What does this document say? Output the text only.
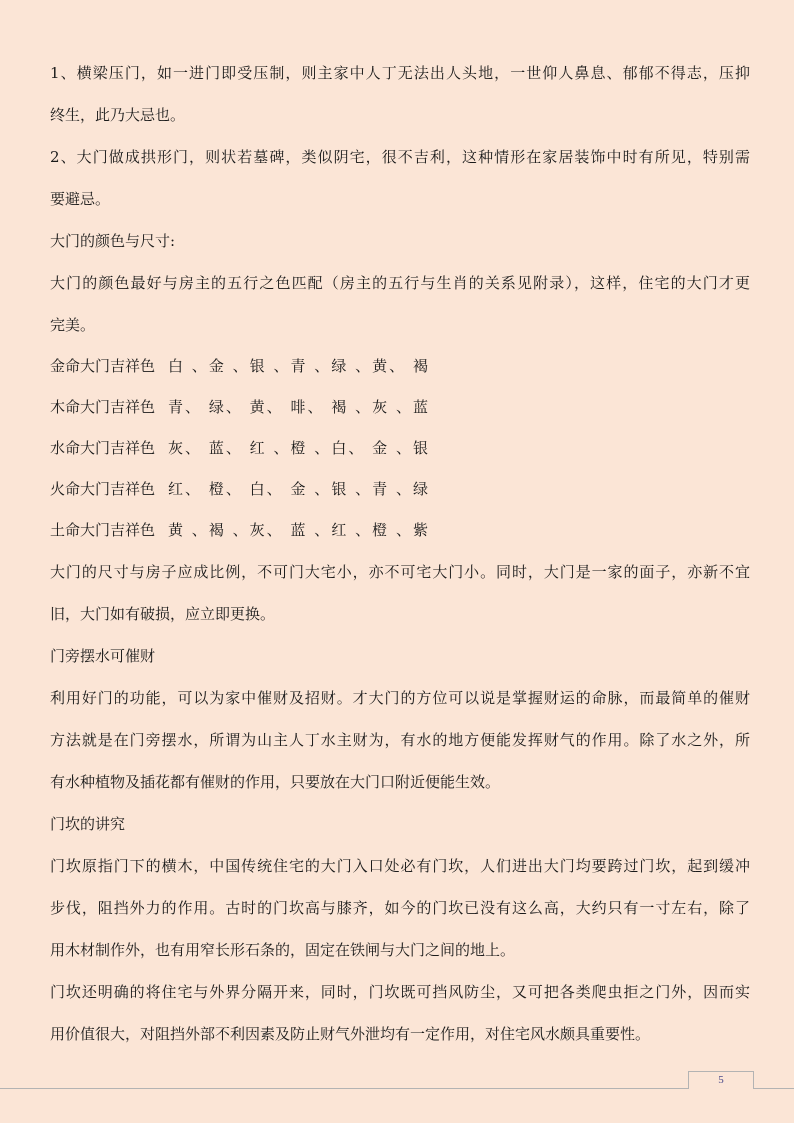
1、横梁压门，如一进门即受压制，则主家中人丁无法出人头地，一世仰人鼻息、郁郁不得志，压抑
终生，此乃大忌也。
2、大门做成拱形门，则状若墓碑，类似阴宅，很不吉利，这种情形在家居装饰中时有所见，特别需
要避忌。
大门的颜色与尺寸:
大门的颜色最好与房主的五行之色匹配（房主的五行与生肖的关系见附录），这样，住宅的大门才更
完美。
金命大门吉祥色 白 、金 、银 、青 、绿 、黄、 褐
木命大门吉祥色 青、 绿、 黄、 啡、 褐 、灰 、蓝
水命大门吉祥色 灰、 蓝、 红 、橙 、白、 金 、银
火命大门吉祥色 红、 橙、 白、 金 、银 、青 、绿
土命大门吉祥色 黄 、褐 、灰、 蓝 、红 、橙 、紫
大门的尺寸与房子应成比例，不可门大宅小，亦不可宅大门小。同时，大门是一家的面子，亦新不宜
旧，大门如有破损，应立即更换。
门旁摆水可催财
利用好门的功能，可以为家中催财及招财。才大门的方位可以说是掌握财运的命脉，而最简单的催财
方法就是在门旁摆水，所谓为山主人丁水主财为，有水的地方便能发挥财气的作用。除了水之外，所
有水种植物及插花都有催财的作用，只要放在大门口附近便能生效。
门坎的讲究
门坎原指门下的横木，中国传统住宅的大门入口处必有门坎，人们进出大门均要跨过门坎，起到缓冲
步伐，阻挡外力的作用。古时的门坎高与膝齐，如今的门坎已没有这么高，大约只有一寸左右，除了
用木材制作外，也有用窄长形石条的，固定在铁闸与大门之间的地上。
门坎还明确的将住宅与外界分隔开来，同时，门坎既可挡风防尘，又可把各类爬虫拒之门外，因而实
用价值很大，对阻挡外部不利因素及防止财气外泄均有一定作用，对住宅风水颇具重要性。
5
